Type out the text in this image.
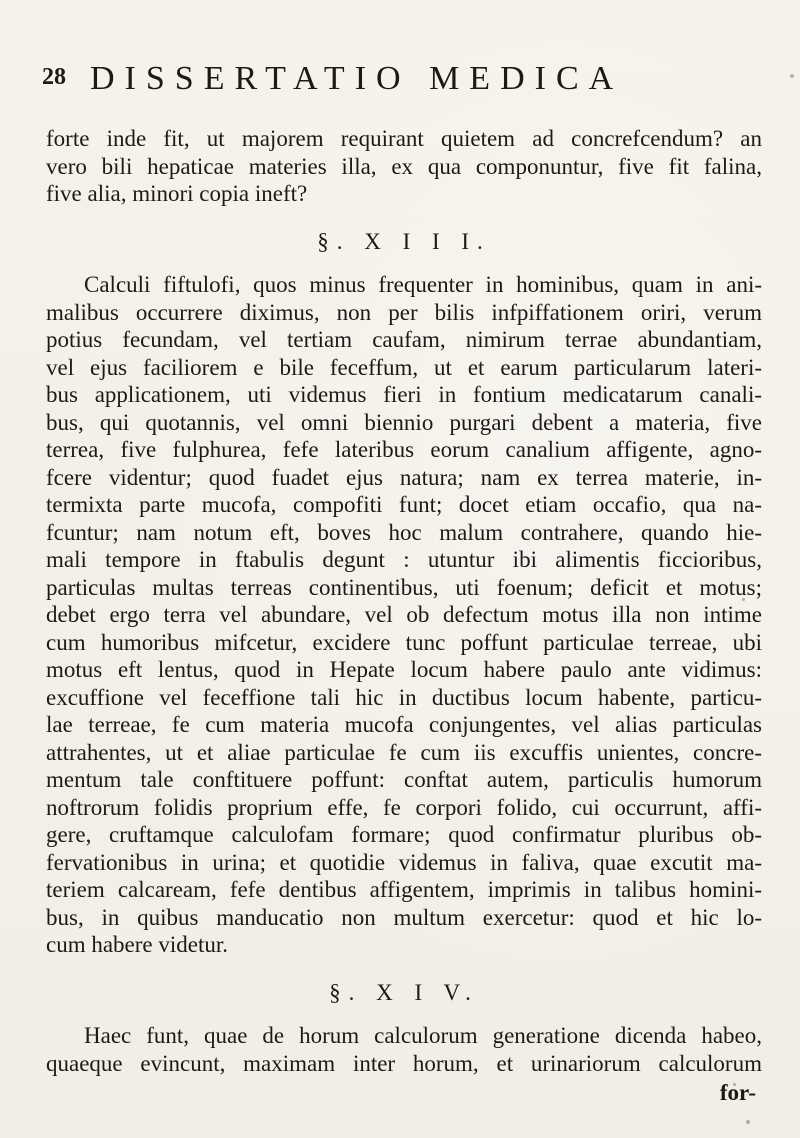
28 DISSERTATIO MEDICA
forte inde fit, ut majorem requirant quietem ad concrefcendum? an
vero bili hepaticae materies illa, ex qua componuntur, five fit falina,
five alia, minori copia ineft?
§. X I I I.
Calculi fiftulofi, quos minus frequenter in hominibus, quam in ani-
malibus occurrere diximus, non per bilis infpiffationem oriri, verum
potius fecundam, vel tertiam caufam, nimirum terrae abundantiam,
vel ejus faciliorem e bile feceffum, ut et earum particularum lateri-
bus applicationem, uti videmus fieri in fontium medicatarum canali-
bus, qui quotannis, vel omni biennio purgari debent a materia, five
terrea, five fulphurea, fefe lateribus eorum canalium affigente, agno-
fcere videntur; quod fuadet ejus natura; nam ex terrea materie, in-
termixta parte mucofa, compofiti funt; docet etiam occafio, qua na-
fcuntur; nam notum eft, boves hoc malum contrahere, quando hie-
mali tempore in ftabulis degunt : utuntur ibi alimentis ficcioribus,
particulas multas terreas continentibus, uti foenum; deficit et motus;
debet ergo terra vel abundare, vel ob defectum motus illa non intime
cum humoribus mifcetur, excidere tunc poffunt particulae terreae, ubi
motus eft lentus, quod in Hepate locum habere paulo ante vidimus:
excuffione vel feceffione tali hic in ductibus locum habente, particu-
lae terreae, fe cum materia mucofa conjungentes, vel alias particulas
attrahentes, ut et aliae particulae fe cum iis excuffis unientes, concre-
mentum tale conftituere poffunt: conftat autem, particulis humorum
noftrorum folidis proprium effe, fe corpori folido, cui occurrunt, affi-
gere, cruftamque calculofam formare; quod confirmatur pluribus ob-
fervationibus in urina; et quotidie videmus in faliva, quae excutit ma-
teriem calcaream, fefe dentibus affigentem, imprimis in talibus homini-
bus, in quibus manducatio non multum exercetur: quod et hic lo-
cum habere videtur.
§. X I V.
Haec funt, quae de horum calculorum generatione dicenda habeo,
quaeque evincunt, maximam inter horum, et urinariorum calculorum
for-
